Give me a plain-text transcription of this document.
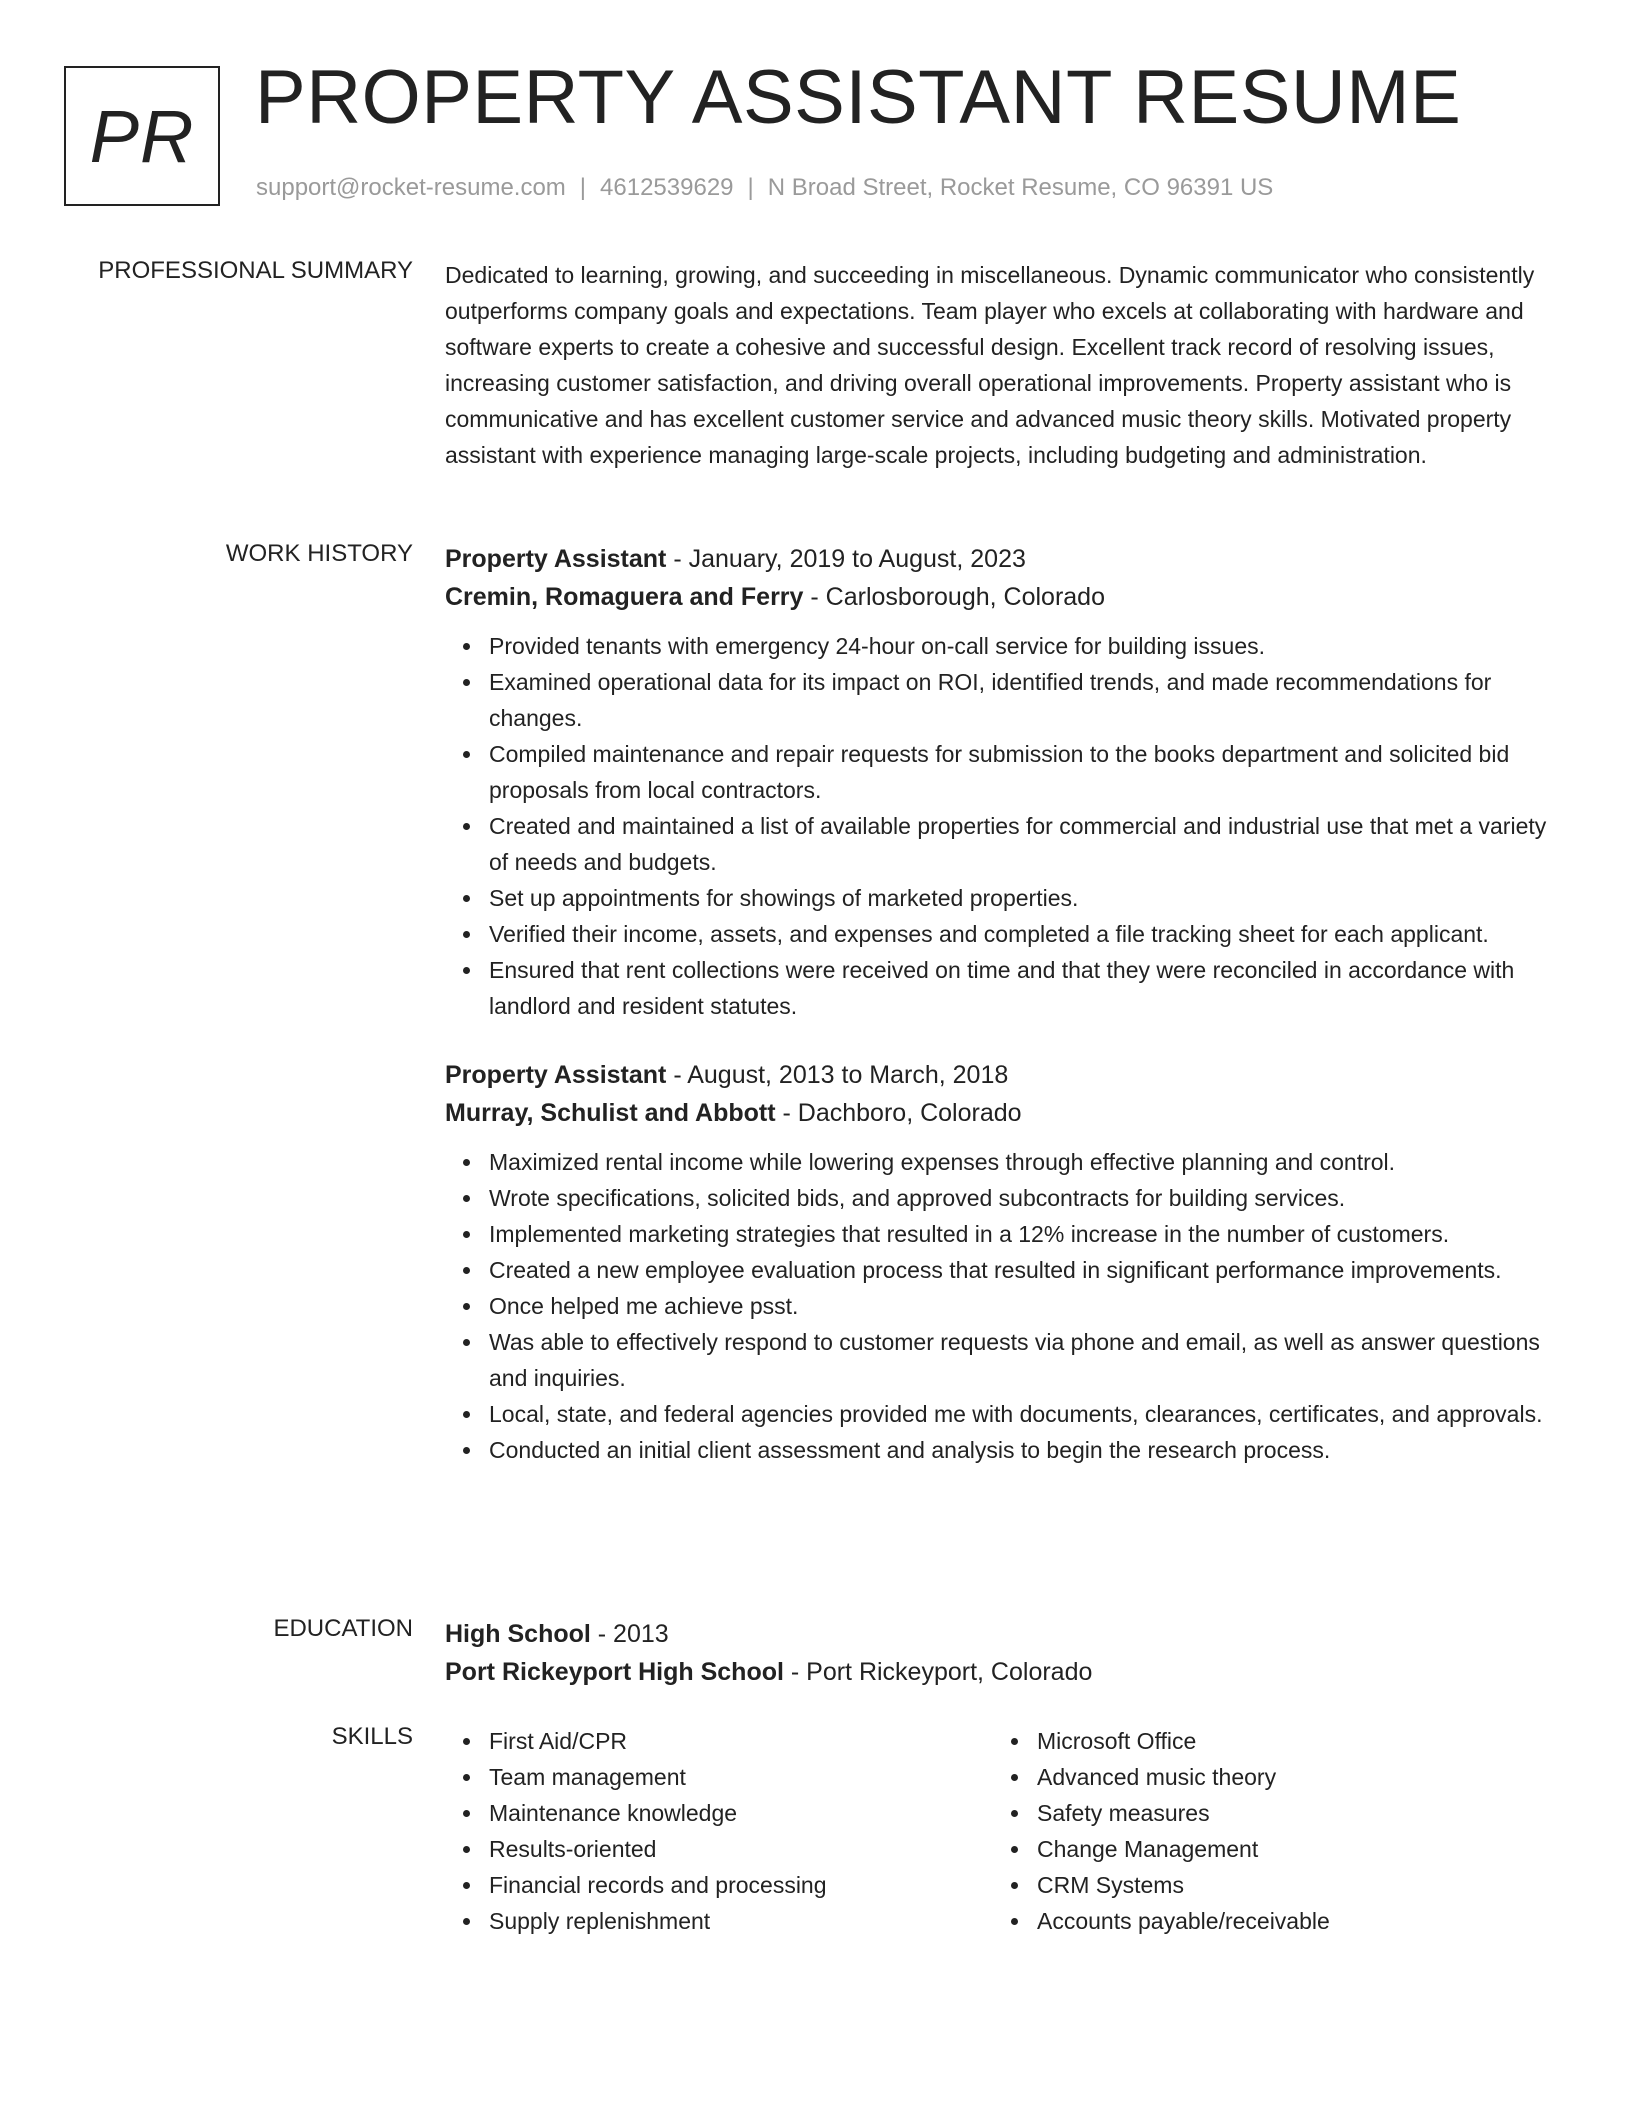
PR PROPERTY ASSISTANT RESUME
support@rocket-resume.com | 4612539629 | N Broad Street, Rocket Resume, CO 96391 US
PROFESSIONAL SUMMARY Dedicated to learning, growing, and succeeding in miscellaneous. Dynamic communicator who consistently outperforms company goals and expectations. Team player who excels at collaborating with hardware and software experts to create a cohesive and successful design. Excellent track record of resolving issues, increasing customer satisfaction, and driving overall operational improvements. Property assistant who is communicative and has excellent customer service and advanced music theory skills. Motivated property assistant with experience managing large-scale projects, including budgeting and administration.

WORK HISTORY Property Assistant - January, 2019 to August, 2023
Cremin, Romaguera and Ferry - Carlosborough, Colorado
Provided tenants with emergency 24-hour on-call service for building issues.
Examined operational data for its impact on ROI, identified trends, and made recommendations for changes.
Compiled maintenance and repair requests for submission to the books department and solicited bid proposals from local contractors.
Created and maintained a list of available properties for commercial and industrial use that met a variety of needs and budgets.
Set up appointments for showings of marketed properties.
Verified their income, assets, and expenses and completed a file tracking sheet for each applicant.
Ensured that rent collections were received on time and that they were reconciled in accordance with landlord and resident statutes.
Property Assistant - August, 2013 to March, 2018
Murray, Schulist and Abbott - Dachboro, Colorado
Maximized rental income while lowering expenses through effective planning and control.
Wrote specifications, solicited bids, and approved subcontracts for building services.
Implemented marketing strategies that resulted in a 12% increase in the number of customers.
Created a new employee evaluation process that resulted in significant performance improvements.
Once helped me achieve psst.
Was able to effectively respond to customer requests via phone and email, as well as answer questions and inquiries.
Local, state, and federal agencies provided me with documents, clearances, certificates, and approvals.
Conducted an initial client assessment and analysis to begin the research process.
EDUCATION High School - 2013
Port Rickeyport High School - Port Rickeyport, Colorado
SKILLS	First Aid/CPR
Team management
Maintenance knowledge
Results-oriented
Financial records and processing
Supply replenishment
Microsoft Office
Advanced music theory
Safety measures
Change Management
CRM Systems
Accounts payable/receivable
